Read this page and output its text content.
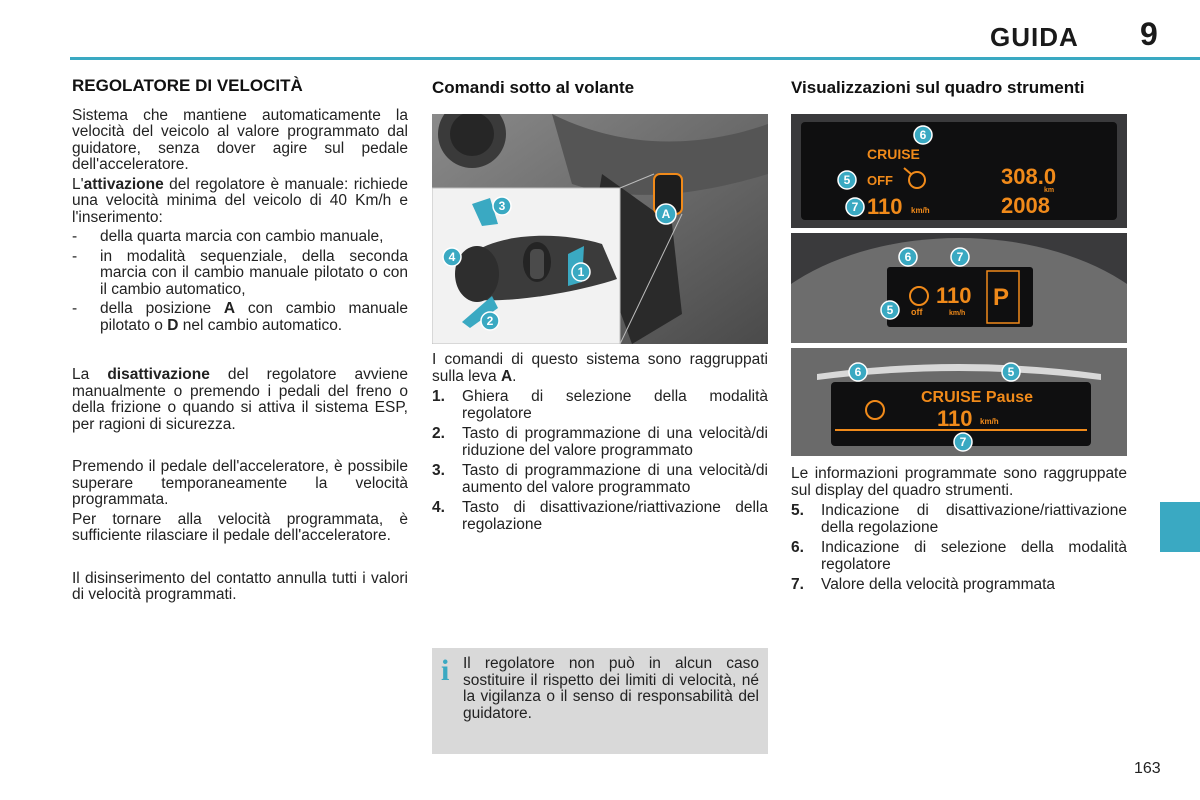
GUIDA 9
REGOLATORE DI VELOCITÀ

Sistema che mantiene automaticamente la velocità del veicolo al valore programmato dal guidatore, senza dover agire sul pedale dell'acceleratore.

L'attivazione del regolatore è manuale: richiede una velocità minima del veicolo di 40 Km/h e l'inserimento:

-	della quarta marcia con cambio manuale,
-	in modalità sequenziale, della seconda marcia con il cambio manuale pilotato o con il cambio automatico,
-	della posizione A con cambio manuale pilotato o D nel cambio automatico.

La disattivazione del regolatore avviene manualmente o premendo i pedali del freno o della frizione o quando si attiva il sistema ESP, per ragioni di sicurezza.

Premendo il pedale dell'acceleratore, è possibile superare temporaneamente la velocità programmata.

Per tornare alla velocità programmata, è sufficiente rilasciare il pedale dell'acceleratore.

Il disinserimento del contatto annulla tutti i valori di velocità programmati.

Comandi sotto al volante
3
4
1
2
A

I comandi di questo sistema sono raggruppati sulla leva A.

1.	Ghiera di selezione della modalità regolatore
2.	Tasto di programmazione di una velocità/di riduzione del valore programmato
3.	Tasto di programmazione di una velocità/di aumento del valore programmato
4.	Tasto di disattivazione/riattivazione della regolazione
i Il regolatore non può in alcun caso sostituire il rispetto dei limiti di velocità, né la vigilanza o il senso di responsabilità del guidatore.
Visualizzazioni sul quadro strumenti
CRUISE
OFF
110 km/h
308.0
km
2008
6
5
7
110
km/h
P
off
6	7
5
CRUISE Pause
110 km/h
6	5
7

Le informazioni programmate sono raggruppate sul display del quadro strumenti.

5.	Indicazione di disattivazione/riattivazione della regolazione
6.	Indicazione di selezione della modalità regolatore
7.	Valore della velocità programmata
163
